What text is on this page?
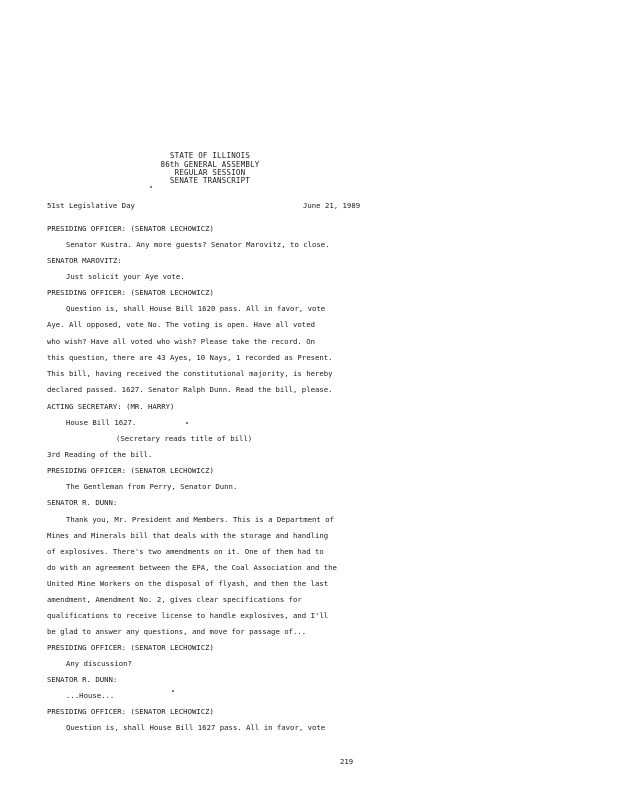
STATE OF ILLINOIS
86th GENERAL ASSEMBLY
REGULAR SESSION
SENATE TRANSCRIPT
51st Legislative Day	June 21, 1989
PRESIDING OFFICER: (SENATOR LECHOWICZ)
Senator Kustra. Any more guests? Senator Marovitz, to close.
SENATOR MAROVITZ:
Just solicit your Aye vote.
PRESIDING OFFICER: (SENATOR LECHOWICZ)
Question is, shall House Bill 1620 pass. All in favor, vote
Aye. All opposed, vote No. The voting is open. Have all voted
who wish? Have all voted who wish? Please take the record. On
this question, there are 43 Ayes, 10 Nays, 1 recorded as Present.
This bill, having received the constitutional majority, is hereby
declared passed. 1627. Senator Ralph Dunn. Read the bill, please.
ACTING SECRETARY: (MR. HARRY)
House Bill 1627.
(Secretary reads title of bill)
3rd Reading of the bill.
PRESIDING OFFICER: (SENATOR LECHOWICZ)
The Gentleman from Perry, Senator Dunn.
SENATOR R. DUNN:
Thank you, Mr. President and Members. This is a Department of
Mines and Minerals bill that deals with the storage and handling
of explosives. There's two amendments on it. One of them had to
do with an agreement between the EPA, the Coal Association and the
United Mine Workers on the disposal of flyash, and then the last
amendment, Amendment No. 2, gives clear specifications for
qualifications to receive license to handle explosives, and I'll
be glad to answer any questions, and move for passage of...
PRESIDING OFFICER: (SENATOR LECHOWICZ)
Any discussion?
SENATOR R. DUNN:
...House...
PRESIDING OFFICER: (SENATOR LECHOWICZ)
Question is, shall House Bill 1627 pass. All in favor, vote
219
